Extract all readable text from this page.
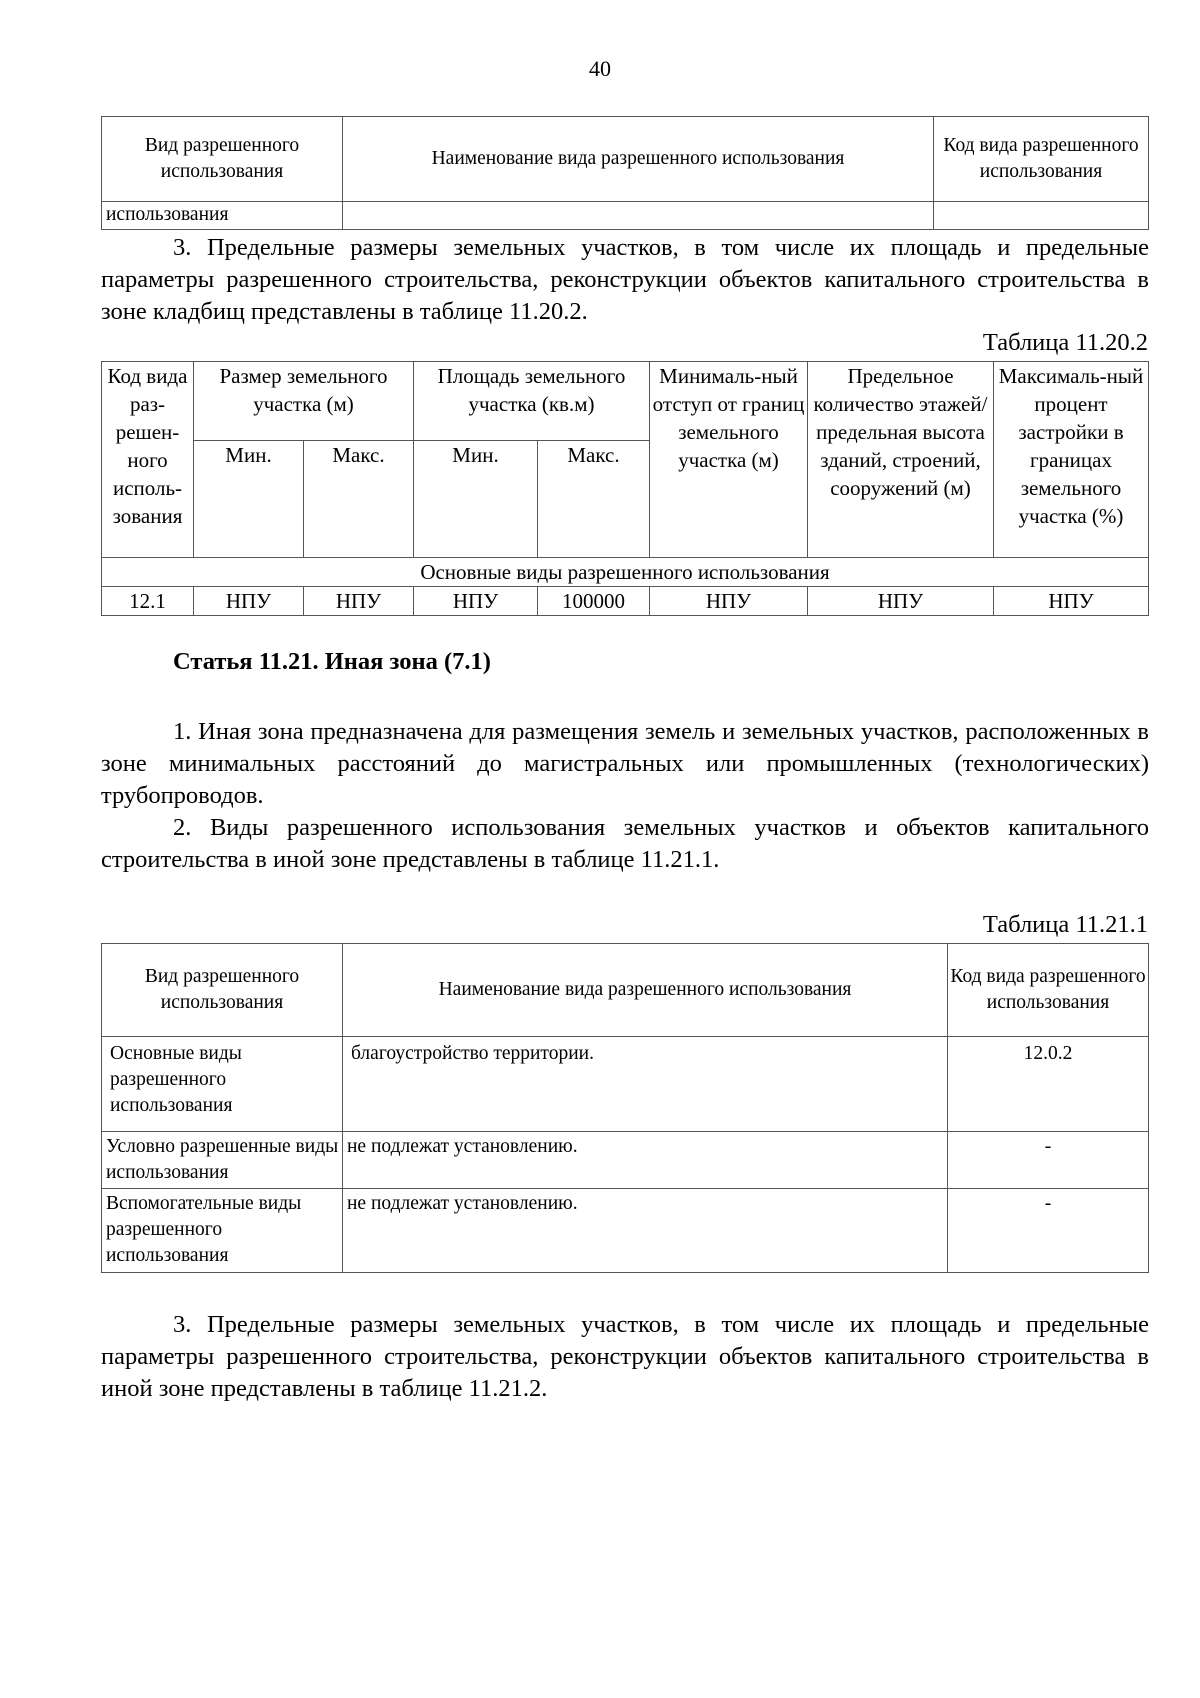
40
Вид разрешенного использования	Наименование вида разрешенного использования	Код вида разрешенного использования
использования		
3. Предельные размеры земельных участков, в том числе их площадь и предельные параметры разрешенного строительства, реконструкции объектов капитального строительства в зоне кладбищ представлены в таблице 11.20.2.
Таблица 11.20.2
Код вида раз-решен-ного исполь-зования	Размер земельного участка (м)		Площадь земельного участка (кв.м)		Минималь-ный отступ от границ земельного участка (м)	Предельное количество этажей/ предельная высота зданий, строений, сооружений (м)	Максималь-ный процент застройки в границах земельного участка (%)
	Мин.	Макс.	Мин.	Макс.			
Основные виды разрешенного использования							
12.1	НПУ	НПУ	НПУ	100000	НПУ	НПУ	НПУ
Статья 11.21. Иная зона (7.1)
1. Иная зона предназначена для размещения земель и земельных участков, расположенных в зоне минимальных расстояний до магистральных или промышленных (технологических) трубопроводов.
2. Виды разрешенного использования земельных участков и объектов капитального строительства в иной зоне представлены в таблице 11.21.1.
Таблица 11.21.1
Вид разрешенного использования	Наименование вида разрешенного использования	Код вида разрешенного использования
Основные виды разрешенного использования	благоустройство территории.	12.0.2
Условно разрешенные виды использования	не подлежат установлению.	-
Вспомогательные виды разрешенного использования	не подлежат установлению.	-
3. Предельные размеры земельных участков, в том числе их площадь и предельные параметры разрешенного строительства, реконструкции объектов капитального строительства в иной зоне представлены в таблице 11.21.2.
